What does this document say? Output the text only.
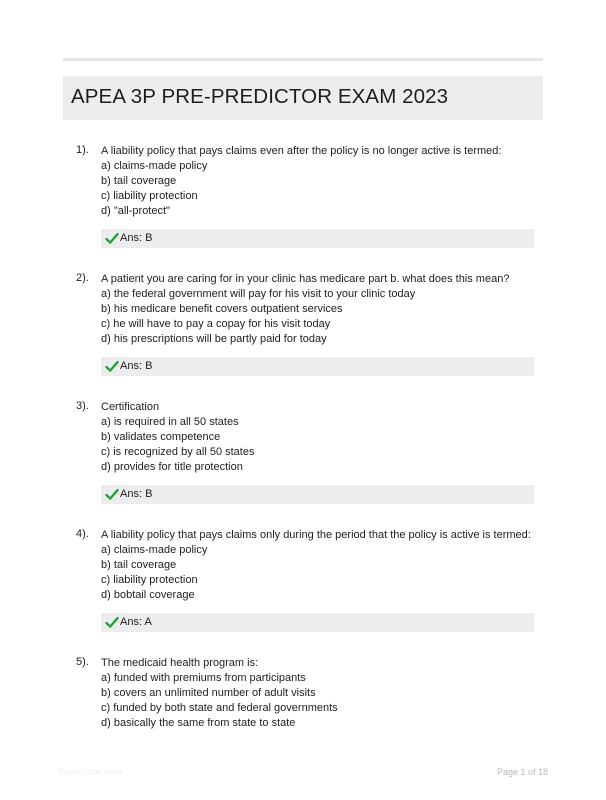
APEA 3P PRE-PREDICTOR EXAM 2023
1). A liability policy that pays claims even after the policy is no longer active is termed:
a) claims-made policy
b) tail coverage
c) liability protection
d) "all-protect"
Ans: B
2). A patient you are caring for in your clinic has medicare part b. what does this mean?
a) the federal government will pay for his visit to your clinic today
b) his medicare benefit covers outpatient services
c) he will have to pay a copay for his visit today
d) his prescriptions will be partly paid for today
Ans: B
3). Certification
a) is required in all 50 states
b) validates competence
c) is recognized by all 50 states
d) provides for title protection
Ans: B
4). A liability policy that pays claims only during the period that the policy is active is termed:
a) claims-made policy
b) tail coverage
c) liability protection
d) bobtail coverage
Ans: A
5). The medicaid health program is:
a) funded with premiums from participants
b) covers an unlimited number of adult visits
c) funded by both state and federal governments
d) basically the same from state to state
PaperStoic.com	Page 1 of 18
